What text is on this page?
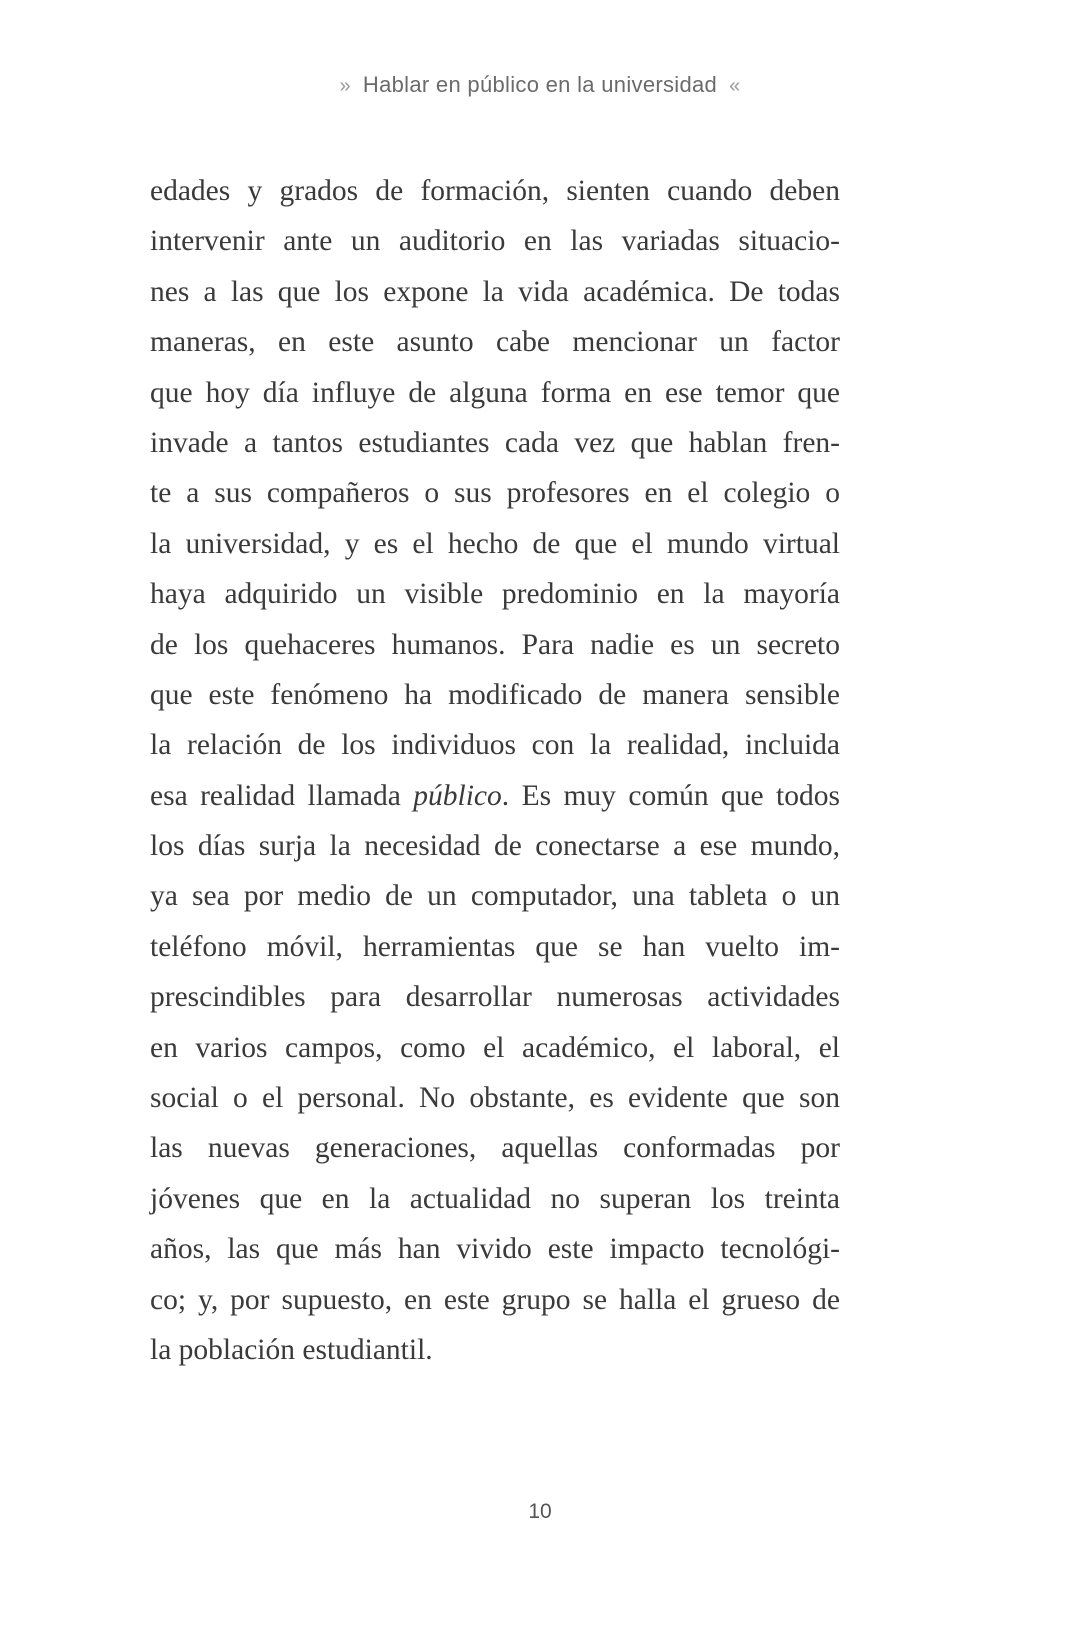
» Hablar en público en la universidad «
edades y grados de formación, sienten cuando deben
intervenir ante un auditorio en las variadas situacio-
nes a las que los expone la vida académica. De todas
maneras, en este asunto cabe mencionar un factor
que hoy día influye de alguna forma en ese temor que
invade a tantos estudiantes cada vez que hablan fren-
te a sus compañeros o sus profesores en el colegio o
la universidad, y es el hecho de que el mundo virtual
haya adquirido un visible predominio en la mayoría
de los quehaceres humanos. Para nadie es un secreto
que este fenómeno ha modificado de manera sensible
la relación de los individuos con la realidad, incluida
esa realidad llamada público. Es muy común que todos
los días surja la necesidad de conectarse a ese mundo,
ya sea por medio de un computador, una tableta o un
teléfono móvil, herramientas que se han vuelto im-
prescindibles para desarrollar numerosas actividades
en varios campos, como el académico, el laboral, el
social o el personal. No obstante, es evidente que son
las nuevas generaciones, aquellas conformadas por
jóvenes que en la actualidad no superan los treinta
años, las que más han vivido este impacto tecnológi-
co; y, por supuesto, en este grupo se halla el grueso de
la población estudiantil.
10
